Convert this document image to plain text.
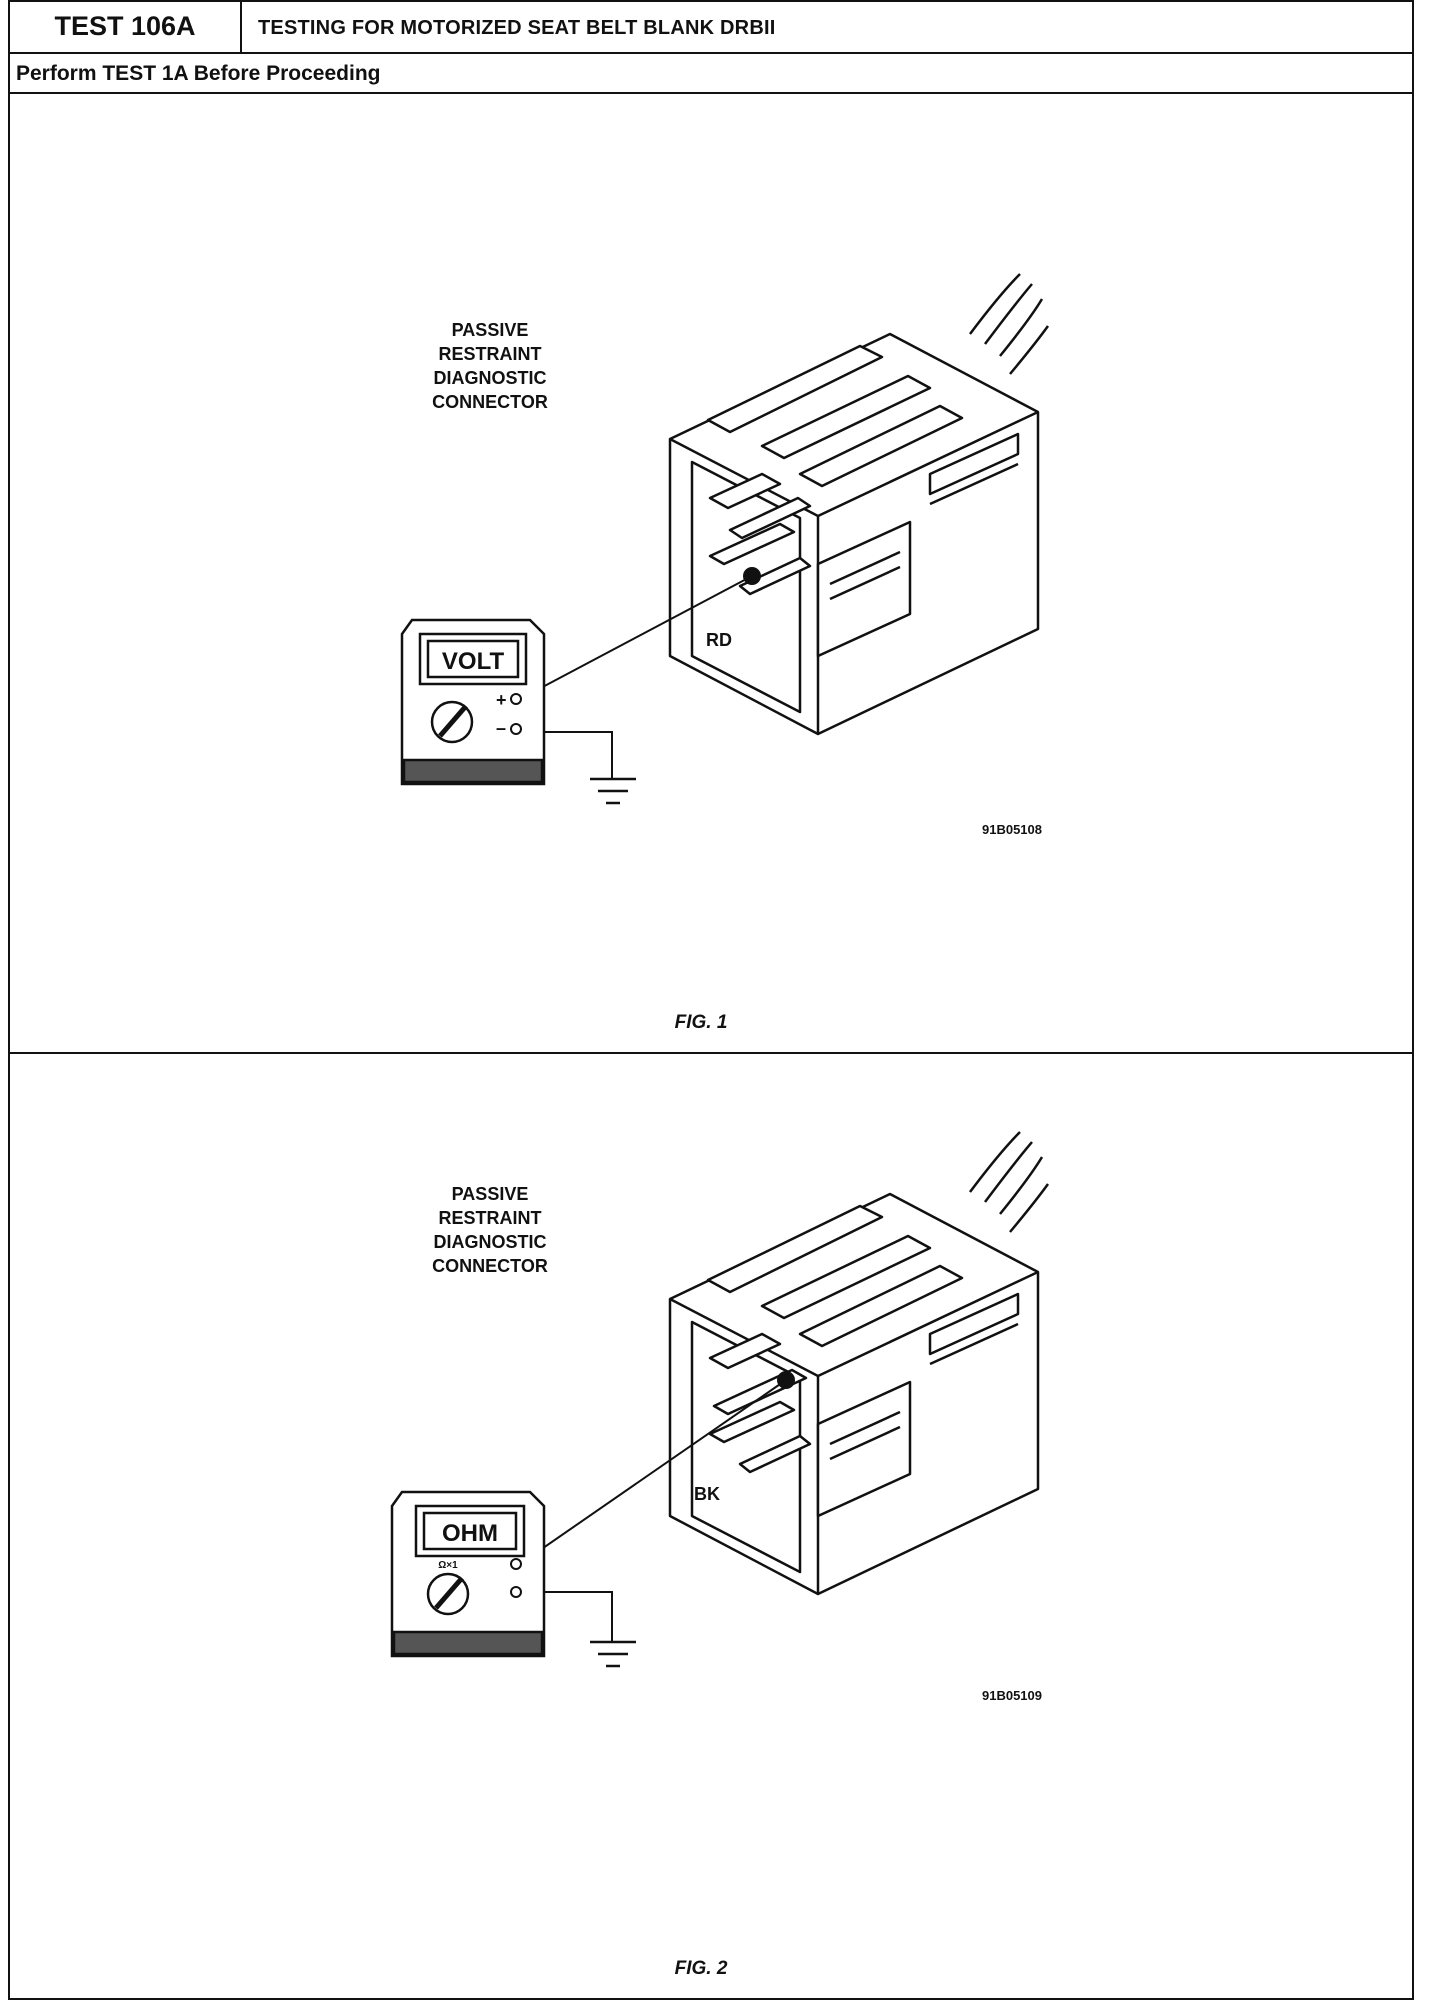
TEST 106A	TESTING FOR MOTORIZED SEAT BELT BLANK DRBII
Perform TEST 1A Before Proceeding
PASSIVE
RESTRAINT
DIAGNOSTIC
CONNECTOR
RD
VOLT
+
–
91B05108
FIG. 1
PASSIVE
RESTRAINT
DIAGNOSTIC
CONNECTOR
BK
OHM
Ω×1
91B05109
FIG. 2
